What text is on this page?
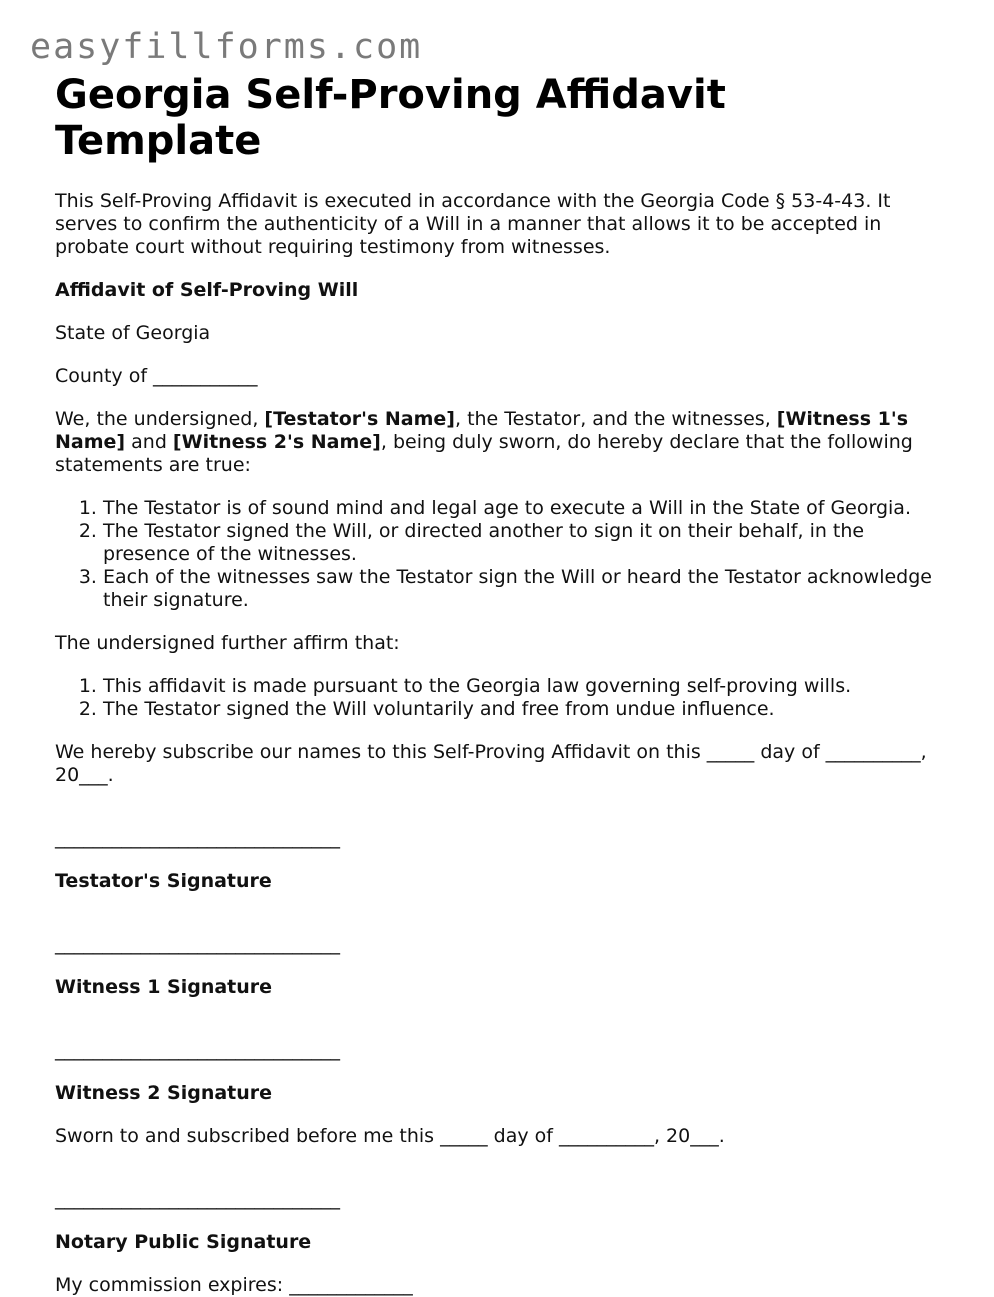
easyfillforms.com
Georgia Self-Proving Affidavit Template

This Self-Proving Affidavit is executed in accordance with the Georgia Code § 53-4-43. It serves to confirm the authenticity of a Will in a manner that allows it to be accepted in probate court without requiring testimony from witnesses.

Affidavit of Self-Proving Will

State of Georgia

County of ___________

We, the undersigned, [Testator's Name], the Testator, and the witnesses, [Witness 1's Name] and [Witness 2's Name], being duly sworn, do hereby declare that the following statements are true:

1. The Testator is of sound mind and legal age to execute a Will in the State of Georgia.
2. The Testator signed the Will, or directed another to sign it on their behalf, in the presence of the witnesses.
3. Each of the witnesses saw the Testator sign the Will or heard the Testator acknowledge their signature.

The undersigned further affirm that:

1. This affidavit is made pursuant to the Georgia law governing self-proving wills.
2. The Testator signed the Will voluntarily and free from undue influence.

We hereby subscribe our names to this Self-Proving Affidavit on this _____ day of __________, 20___.

______________________________

Testator's Signature

______________________________

Witness 1 Signature

______________________________

Witness 2 Signature

Sworn to and subscribed before me this _____ day of __________, 20___.

______________________________

Notary Public Signature

My commission expires: _____________
